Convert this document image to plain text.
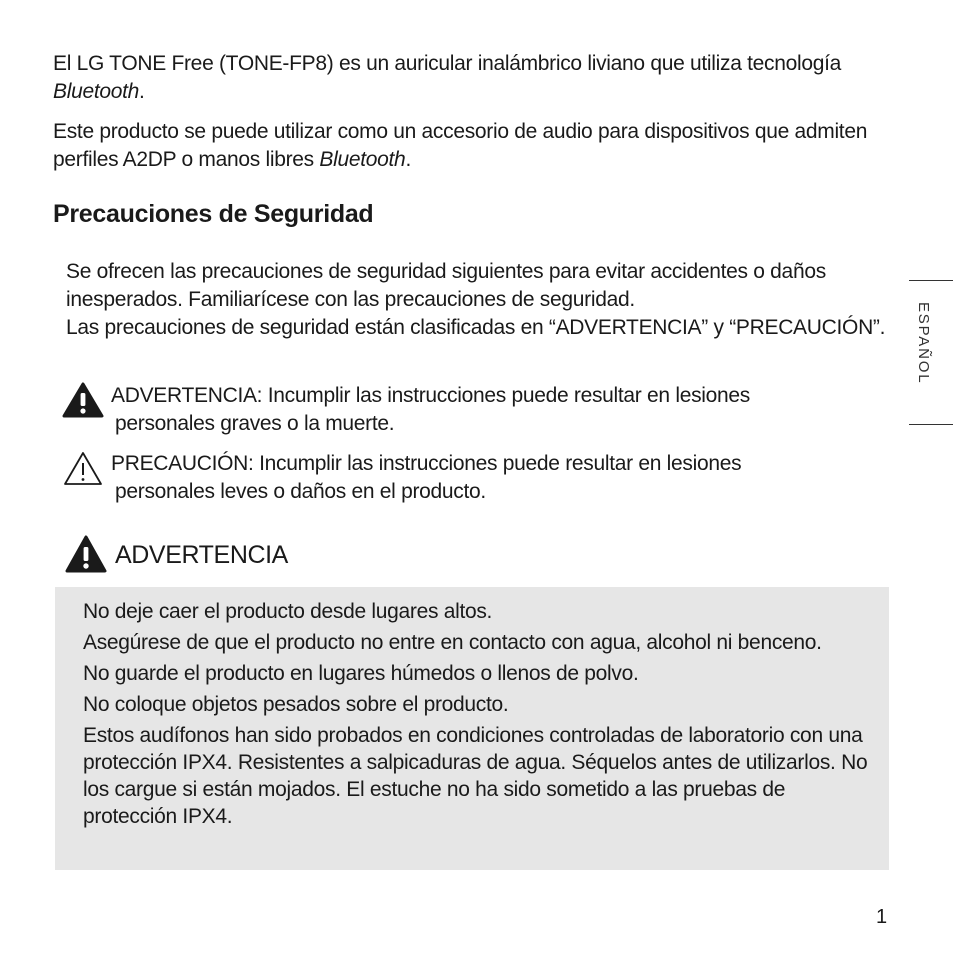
El LG TONE Free (TONE-FP8) es un auricular inalámbrico liviano que utiliza tecnología Bluetooth.

Este producto se puede utilizar como un accesorio de audio para dispositivos que admiten perfiles A2DP o manos libres Bluetooth.

Precauciones de Seguridad
Se ofrecen las precauciones de seguridad siguientes para evitar accidentes o daños inesperados. Familiarícese con las precauciones de seguridad.
Las precauciones de seguridad están clasificadas en “ADVERTENCIA” y “PRECAUCIÓN”.
ADVERTENCIA: Incumplir las instrucciones puede resultar en lesiones
personales graves o la muerte.
PRECAUCIÓN: Incumplir las instrucciones puede resultar en lesiones
personales leves o daños en el producto.
ADVERTENCIA
No deje caer el producto desde lugares altos.
Asegúrese de que el producto no entre en contacto con agua, alcohol ni benceno.
No guarde el producto en lugares húmedos o llenos de polvo.
No coloque objetos pesados sobre el producto.
Estos audífonos han sido probados en condiciones controladas de laboratorio con una protección IPX4. Resistentes a salpicaduras de agua. Séquelos antes de utilizarlos. No los cargue si están mojados. El estuche no ha sido sometido a las pruebas de protección IPX4.
ESPAÑOL
1
